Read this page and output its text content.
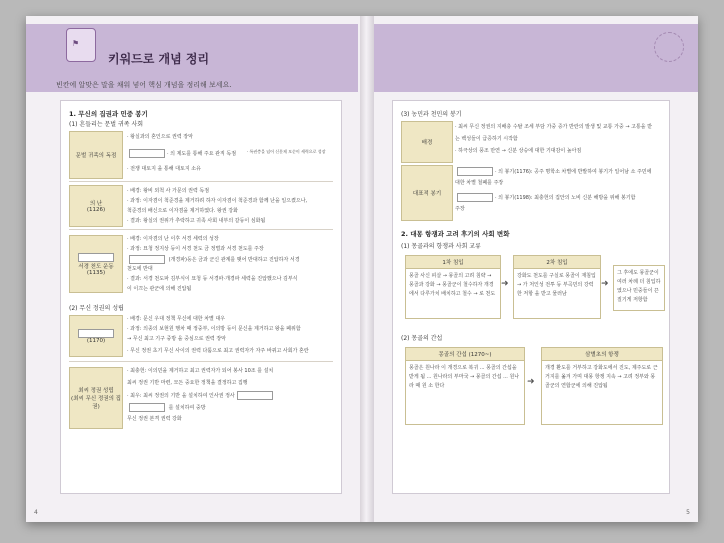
⚑
키워드로 개념 정리
빈칸에 알맞은 말을 채워 넣어 핵심 개념을 정리해 보세요.
1. 무신의 집권과 민중 봉기
(1) 흔들리는 문벌 귀족 사회
문벌 귀족의 독점
· 왕실과의 혼인으로 권력 장악
· 의 제도를 통해 주요 관직 독점
· 전쟁 대토지 을 통해 대토지 소유
· 특권층을 넘어 신분제 모순이 세력으로 성장
의 난
(1126)
· 배경: 왕비 외척 사 가문의 권력 독점
· 과정: 이자겸이 척준경을 제거하려 하자 이자겸이 척준경과 함께 난을 일으켰으나,
척준경의 배신으로 이자겸을 제거하였다. 왕권 강화
· 결과: 왕실의 권위가 추락하고 귀족 사회 내부의 갈등이 심화됨
서경 천도 운동
(1135)
· 배경: 이자겸의 난 이후 서경 세력의 성장
· 과정: 묘청 정지상 등이 서경 천도 금 정벌과 서경 천도를 주장
(개경파)등은 금과 군신 관계를 맺어 반대하고 진압하자 서경
천도에 반대
· 결과: 서경 천도파 김부식이 묘청 등 서경파·개경파 세력을 진압했으나 김부식
이 이끄는 관군에 의해 진압됨
(2) 무신 정권의 성립
(1170)
· 배경: 문신 우대 정책 무신에 대한 차별 대우
· 과정: 의종의 보현원 행차 때 정중부, 이의방 등이 문신을 제거하고 왕을 폐위함
→ 무신 최고 기구 중방 을 중심으로 권력 장악
· 무신 정권 초기 무신 사이의 권력 다툼으로 최고 권력자가 자주 바뀌고 사회가 혼란
최씨 정권 성립
(최씨 무신 정권의 집권)
· 최충헌: 이의민을 제거하고 최고 권력자가 되어 봉사 10조 를 설치
최씨 정권 기반 마련, 모든 중요한 정책을 결정하고 집행
· 최우: 최씨 정권의 기반 을 설치하여 인사권 정사
를 설치하여 중방
무신 정권 본격 권력 강화
4
(3) 농민과 천민의 봉기
배경
· 최씨 무신 정권의 지배층 수탈 조세 부담 가중 증가 반란의 발생 및 교통 가중 → 고통을 받
는 백성들이 급증하기 시작함
· 하극상의 풍조 만연 → 신분 상승에 대한 기대감이 높아짐
대표적 봉기
· 의 봉기(1176): 공주 명학소 차별에 반발하여 봉기가 일어남 소 주민에
대한 차별 철폐를 주장
· 의 봉기(1198): 최충헌의 집안의 노비 신분 해방을 위해 봉기함
주장
2. 대몽 항쟁과 고려 후기의 사회 변화
(1) 몽골과의 항쟁과 사회 교류
1차 침입
몽골 사신 피살 → 몽골의 고려 침략 → 몽골과 강화 → 몽골군이 철수하자 개경에서 다루가치 배치하고 철수 → 로 천도
➜
2차 침입
강화도 천도를 구실로 몽골이 재침입 → 가 처인성 전투 등 부곡민의 강력한 저항 을 받고 물러남
➜
그 후에도 몽골군이 여러 차례 더 침입하였으나 민중들이 끈질기게 저항함
(2) 몽골의 간섭
몽골의 간섭 (1270~)
몽골은 원나라 이 개경으로 복귀 ... 몽골의 간섭을 받게 됨 ... 원나라의 부마국 → 몽골의 간섭 ... 원나라 때 원 소 한다	➜
삼별초의 항쟁
개경 환도를 거부하고 강화도에서 진도, 제주도로 근거지를 옮겨 가며 대몽 항쟁 지속 → 고려 정부와 몽골군의 연합군에 의해 진압됨
5
